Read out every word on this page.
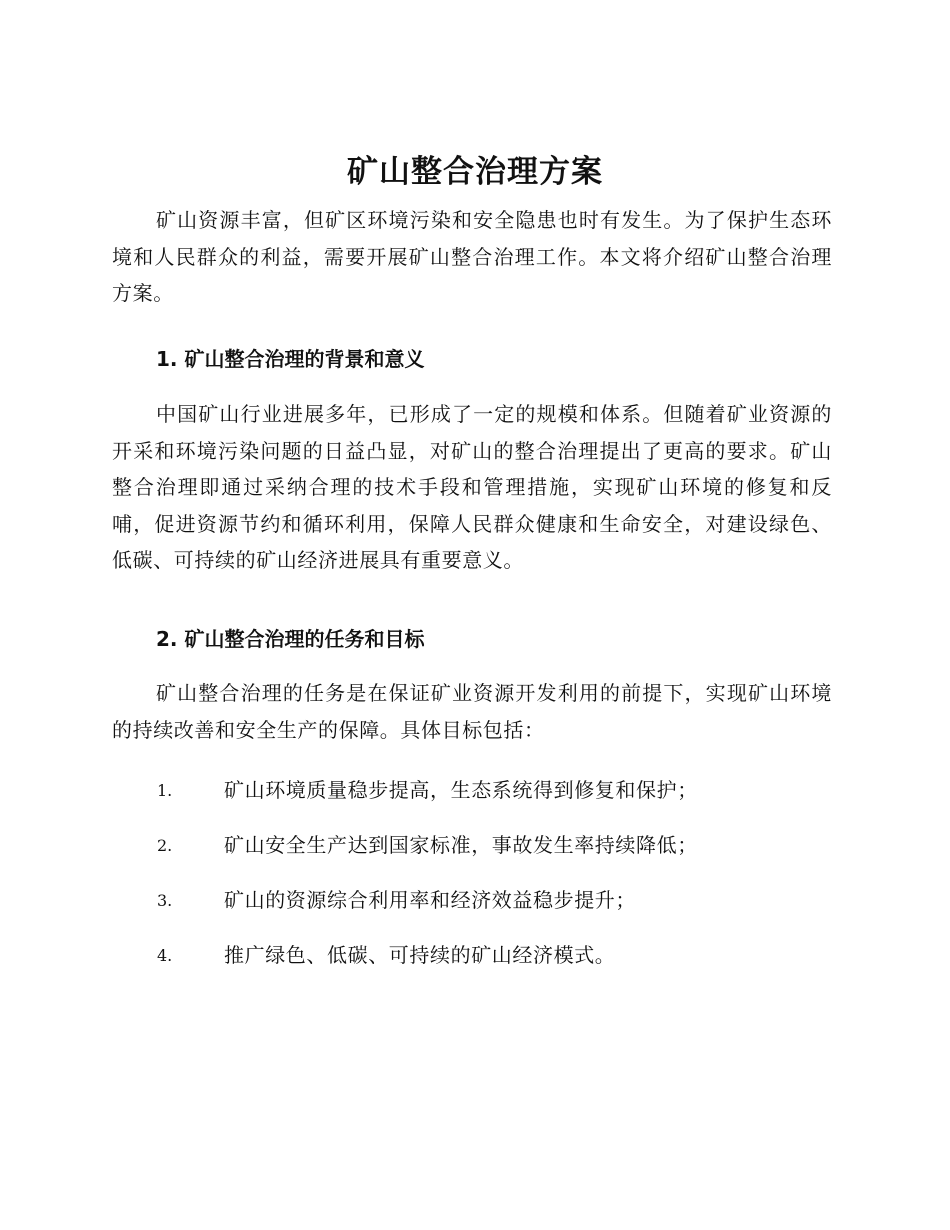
矿山整合治理方案

矿山资源丰富，但矿区环境污染和安全隐患也时有发生。为了保护生态环境和人民群众的利益，需要开展矿山整合治理工作。本文将介绍矿山整合治理方案。

1. 矿山整合治理的背景和意义

中国矿山行业进展多年，已形成了一定的规模和体系。但随着矿业资源的开采和环境污染问题的日益凸显，对矿山的整合治理提出了更高的要求。矿山整合治理即通过采纳合理的技术手段和管理措施，实现矿山环境的修复和反哺，促进资源节约和循环利用，保障人民群众健康和生命安全，对建设绿色、低碳、可持续的矿山经济进展具有重要意义。

2. 矿山整合治理的任务和目标

矿山整合治理的任务是在保证矿业资源开发利用的前提下，实现矿山环境的持续改善和安全生产的保障。具体目标包括：

1.	矿山环境质量稳步提高，生态系统得到修复和保护；
2.	矿山安全生产达到国家标准，事故发生率持续降低；
3.	矿山的资源综合利用率和经济效益稳步提升；
4.	推广绿色、低碳、可持续的矿山经济模式。
